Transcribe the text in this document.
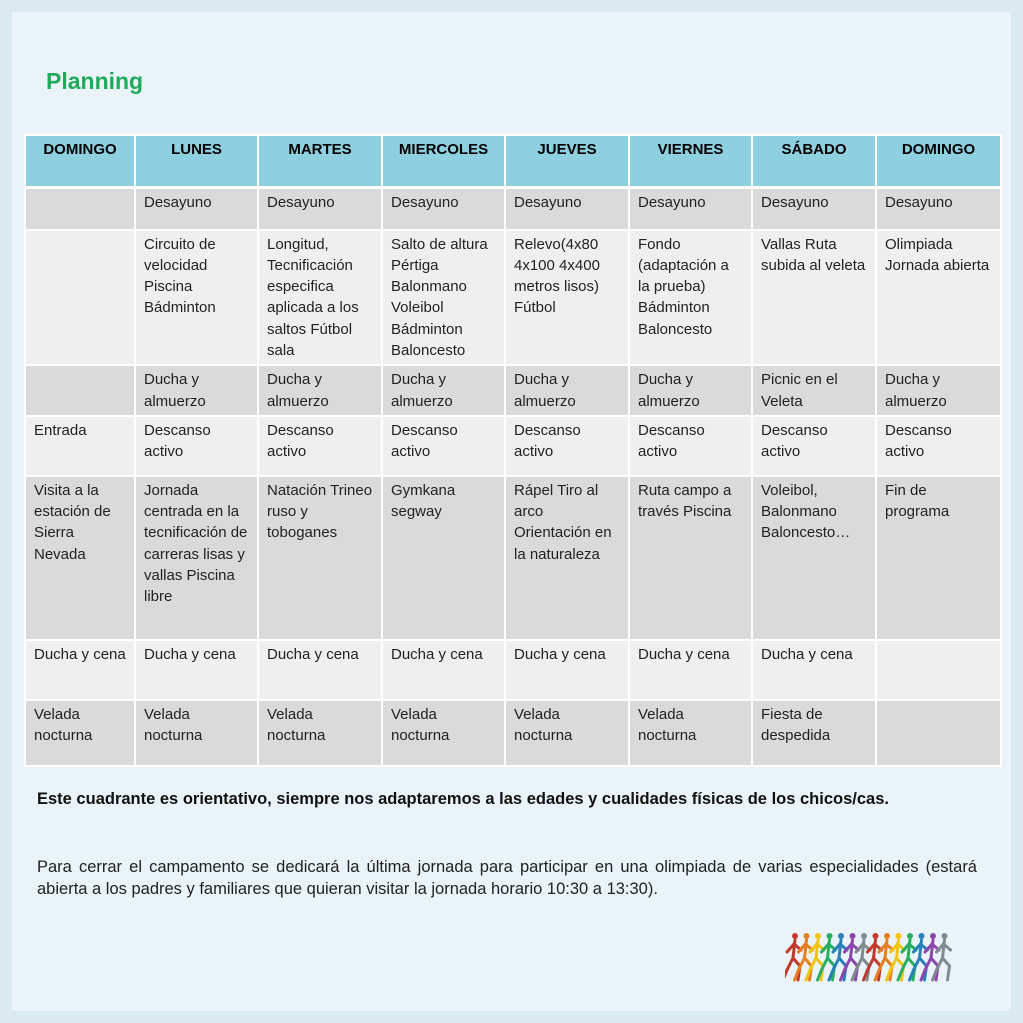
Planning
DOMINGO	LUNES	MARTES	MIERCOLES	JUEVES	VIERNES	SÁBADO	DOMINGO
	Desayuno	Desayuno	Desayuno	Desayuno	Desayuno	Desayuno	Desayuno
	Circuito de velocidad Piscina Bádminton	Longitud, Tecnificación especifica aplicada a los saltos Fútbol sala	Salto de altura Pértiga Balonmano Voleibol Bádminton Baloncesto	Relevo(4x80 4x100 4x400 metros lisos) Fútbol	Fondo (adaptación a la prueba) Bádminton Baloncesto	Vallas Ruta subida al veleta	Olimpiada Jornada abierta
	Ducha y almuerzo	Ducha y almuerzo	Ducha y almuerzo	Ducha y almuerzo	Ducha y almuerzo	Picnic en el Veleta	Ducha y almuerzo
Entrada	Descanso activo	Descanso activo	Descanso activo	Descanso activo	Descanso activo	Descanso activo	Descanso activo
Visita a la estación de Sierra Nevada	Jornada centrada en la tecnificación de carreras lisas y vallas Piscina libre	Natación Trineo ruso y toboganes	Gymkana segway	Rápel Tiro al arco Orientación en la naturaleza	Ruta campo a través Piscina	Voleibol, Balonmano Baloncesto…	Fin de programa
Ducha y cena	Ducha y cena	Ducha y cena	Ducha y cena	Ducha y cena	Ducha y cena	Ducha y cena	
Velada nocturna	Velada nocturna	Velada nocturna	Velada nocturna	Velada nocturna	Velada nocturna	Fiesta de despedida	
Este cuadrante es orientativo, siempre nos adaptaremos a las edades y cualidades físicas de los chicos/cas.
Para cerrar el campamento se dedicará la última jornada para participar en una olimpiada de varias especialidades (estará abierta a los padres y familiares que quieran visitar la jornada horario 10:30 a 13:30).
